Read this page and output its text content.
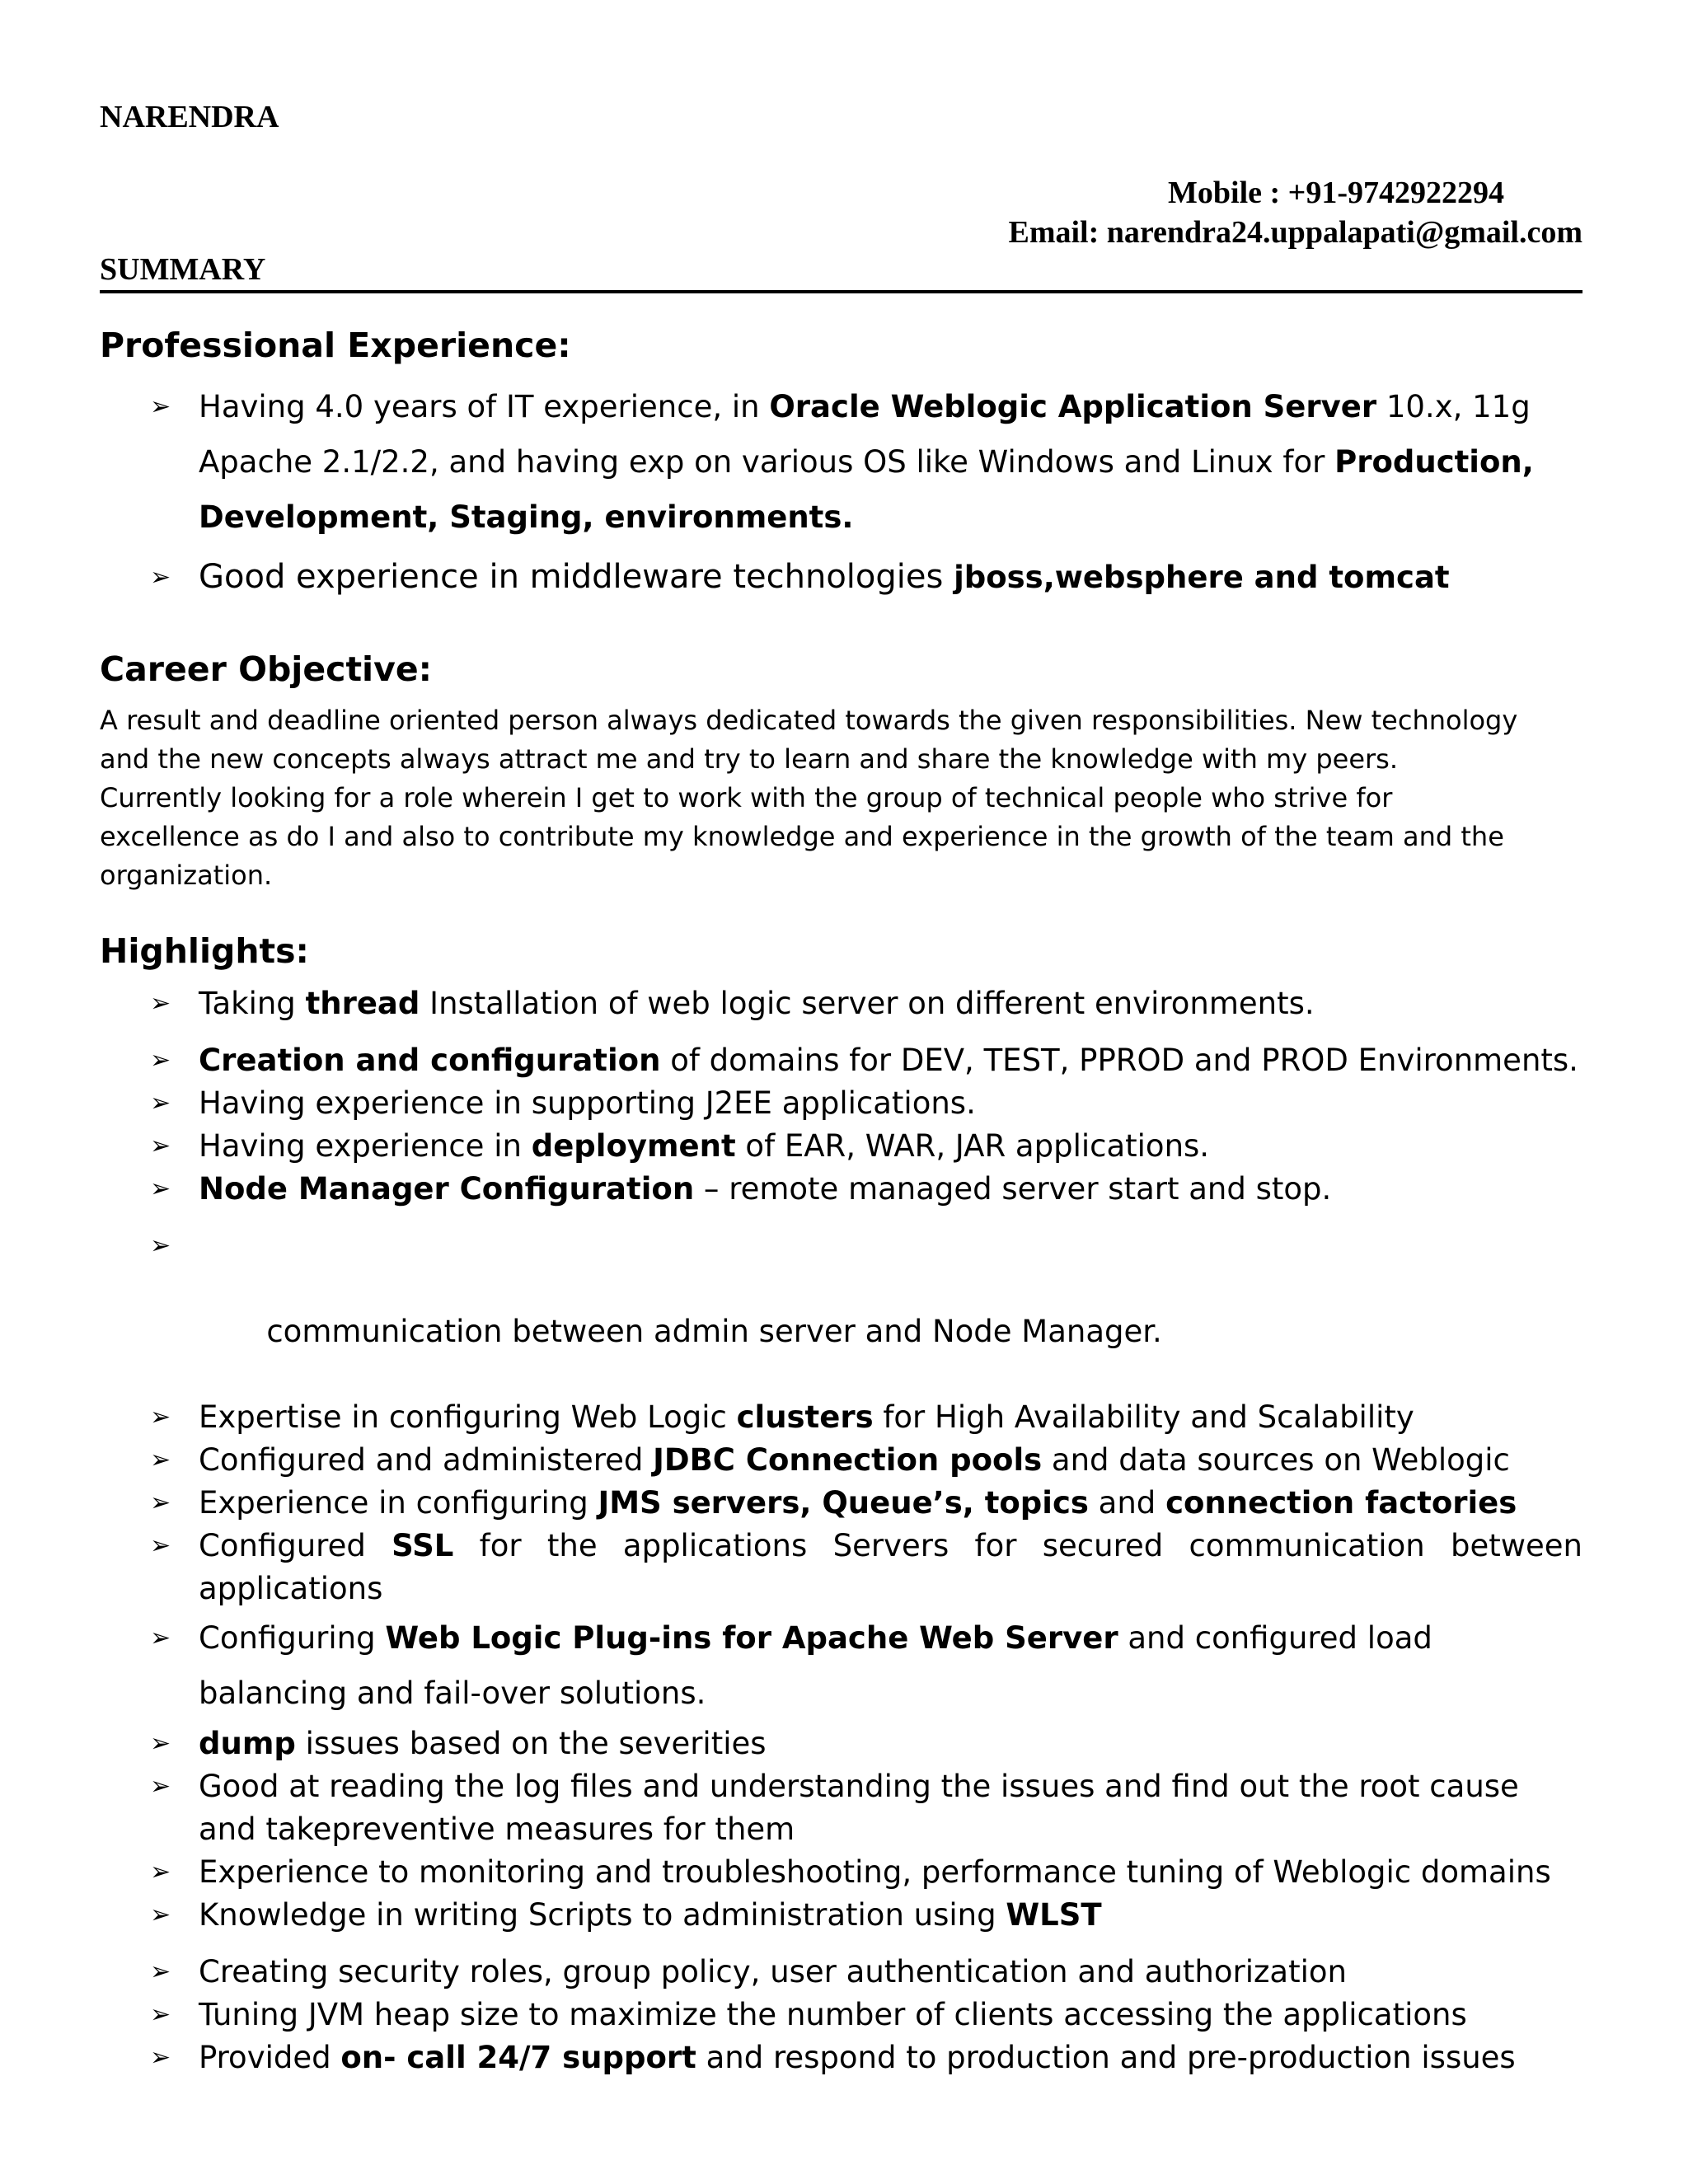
NARENDRA
Mobile : +91-9742922294
Email: narendra24.uppalapati@gmail.com
SUMMARY
Professional Experience:
➢ Having 4.0 years of IT experience, in Oracle Weblogic Application Server 10.x, 11g Apache 2.1/2.2, and having exp on various OS like Windows and Linux for Production, Development, Staging, environments.
➢ Good experience in middleware technologies jboss,websphere and tomcat
Career Objective:
A result and deadline oriented person always dedicated towards the given responsibilities. New technology
and the new concepts always attract me and try to learn and share the knowledge with my peers.
Currently looking for a role wherein I get to work with the group of technical people who strive for
excellence as do I and also to contribute my knowledge and experience in the growth of the team and the
organization.
Highlights:
➢ Taking thread Installation of web logic server on different environments.
➢ Creation and configuration of domains for DEV, TEST, PPROD and PROD Environments.
➢ Having experience in supporting J2EE applications.
➢ Having experience in deployment of EAR, WAR, JAR applications.
➢ Node Manager Configuration – remote managed server start and stop.

➢

communication between admin server and Node Manager.

➢ Expertise in configuring Web Logic clusters for High Availability and Scalability
➢ Configured and administered JDBC Connection pools and data sources on Weblogic
➢ Experience in configuring JMS servers, Queue’s, topics and connection factories
➢ Configured SSL for the applications Servers for secured communication between applications
➢ Configuring Web Logic Plug-ins for Apache Web Server and configured load balancing and fail-over solutions.
➢ dump issues based on the severities
➢ Good at reading the log files and understanding the issues and find out the root cause and takepreventive measures for them
➢ Experience to monitoring and troubleshooting, performance tuning of Weblogic domains
➢ Knowledge in writing Scripts to administration using WLST
➢ Creating security roles, group policy, user authentication and authorization
➢ Tuning JVM heap size to maximize the number of clients accessing the applications
➢ Provided on- call 24/7 support and respond to production and pre-production issues
